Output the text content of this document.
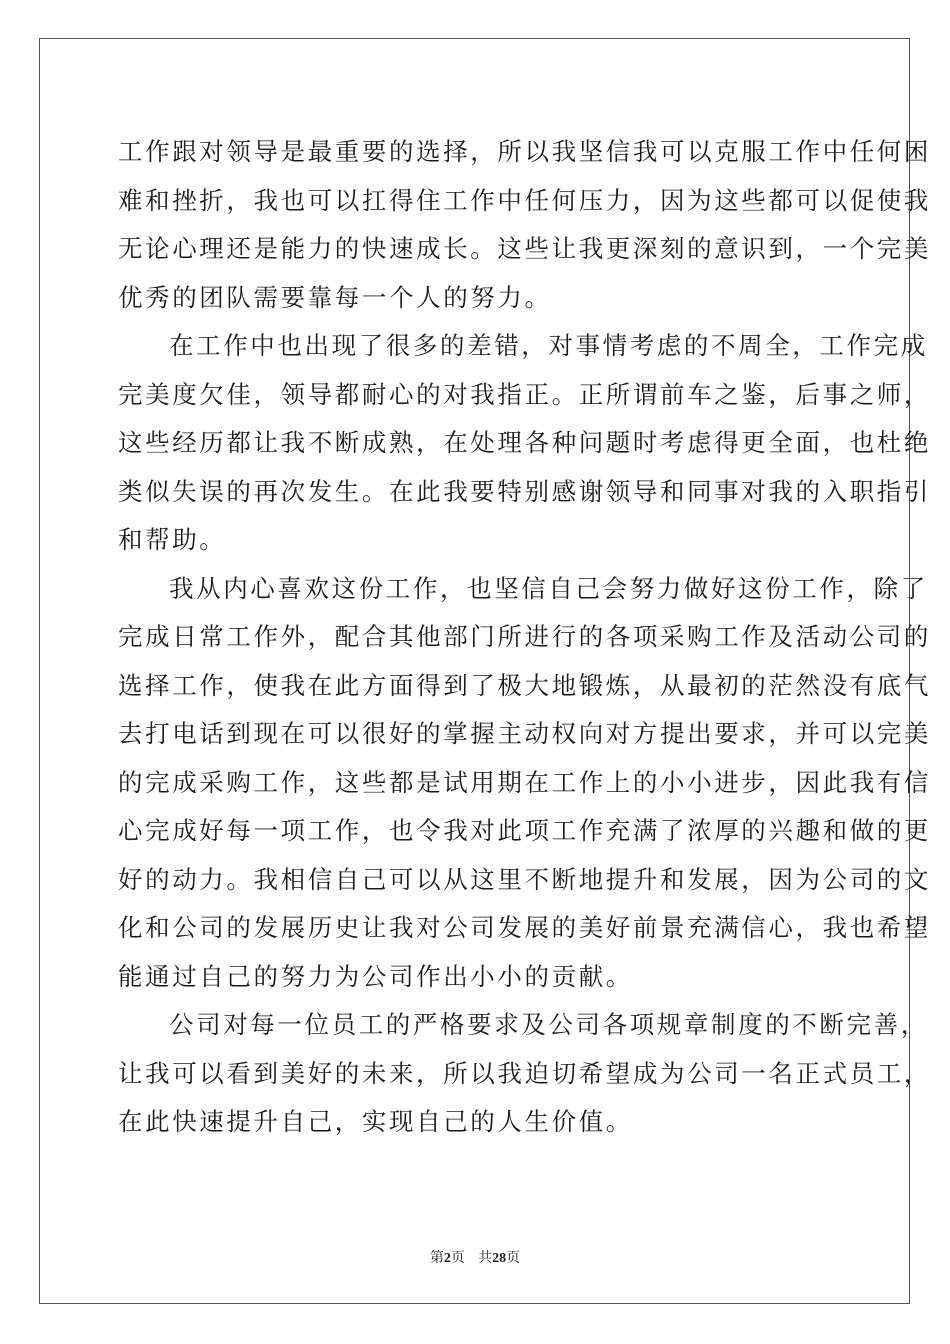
工作跟对领导是最重要的选择，所以我坚信我可以克服工作中任何困
难和挫折，我也可以扛得住工作中任何压力，因为这些都可以促使我
无论心理还是能力的快速成长。这些让我更深刻的意识到，一个完美
优秀的团队需要靠每一个人的努力。

在工作中也出现了很多的差错，对事情考虑的不周全，工作完成
完美度欠佳，领导都耐心的对我指正。正所谓前车之鉴，后事之师，
这些经历都让我不断成熟，在处理各种问题时考虑得更全面，也杜绝
类似失误的再次发生。在此我要特别感谢领导和同事对我的入职指引
和帮助。

我从内心喜欢这份工作，也坚信自己会努力做好这份工作，除了
完成日常工作外，配合其他部门所进行的各项采购工作及活动公司的
选择工作，使我在此方面得到了极大地锻炼，从最初的茫然没有底气
去打电话到现在可以很好的掌握主动权向对方提出要求，并可以完美
的完成采购工作，这些都是试用期在工作上的小小进步，因此我有信
心完成好每一项工作，也令我对此项工作充满了浓厚的兴趣和做的更
好的动力。我相信自己可以从这里不断地提升和发展，因为公司的文
化和公司的发展历史让我对公司发展的美好前景充满信心，我也希望
能通过自己的努力为公司作出小小的贡献。

公司对每一位员工的严格要求及公司各项规章制度的不断完善，
让我可以看到美好的未来，所以我迫切希望成为公司一名正式员工，
在此快速提升自己，实现自己的人生价值。

第2页 共28页
